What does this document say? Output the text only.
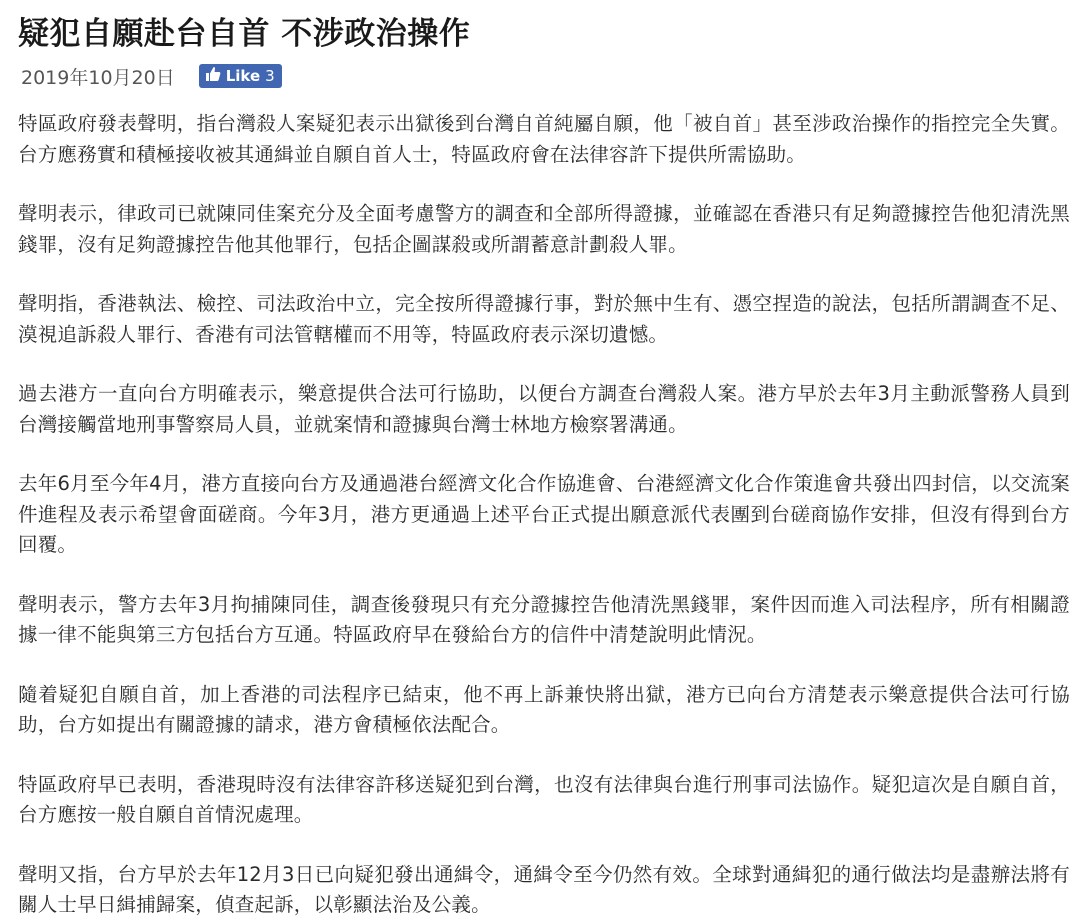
疑犯自願赴台自首 不涉政治操作
2019年10月20日	Like 3

特區政府發表聲明，指台灣殺人案疑犯表示出獄後到台灣自首純屬自願，他「被自首」甚至涉政治操作的指控完全失實。台方應務實和積極接收被其通緝並自願自首人士，特區政府會在法律容許下提供所需協助。

聲明表示，律政司已就陳同佳案充分及全面考慮警方的調查和全部所得證據，並確認在香港只有足夠證據控告他犯清洗黑錢罪，沒有足夠證據控告他其他罪行，包括企圖謀殺或所謂蓄意計劃殺人罪。

聲明指，香港執法、檢控、司法政治中立，完全按所得證據行事，對於無中生有、憑空捏造的說法，包括所謂調查不足、漠視追訴殺人罪行、香港有司法管轄權而不用等，特區政府表示深切遺憾。

過去港方一直向台方明確表示，樂意提供合法可行協助，以便台方調查台灣殺人案。港方早於去年3月主動派警務人員到台灣接觸當地刑事警察局人員，並就案情和證據與台灣士林地方檢察署溝通。

去年6月至今年4月，港方直接向台方及通過港台經濟文化合作協進會、台港經濟文化合作策進會共發出四封信，以交流案件進程及表示希望會面磋商。今年3月，港方更通過上述平台正式提出願意派代表團到台磋商協作安排，但沒有得到台方回覆。

聲明表示，警方去年3月拘捕陳同佳，調查後發現只有充分證據控告他清洗黑錢罪，案件因而進入司法程序，所有相關證據一律不能與第三方包括台方互通。特區政府早在發給台方的信件中清楚說明此情況。

隨着疑犯自願自首，加上香港的司法程序已結束，他不再上訴兼快將出獄，港方已向台方清楚表示樂意提供合法可行協助，台方如提出有關證據的請求，港方會積極依法配合。

特區政府早已表明，香港現時沒有法律容許移送疑犯到台灣，也沒有法律與台進行刑事司法協作。疑犯這次是自願自首，台方應按一般自願自首情況處理。

聲明又指，台方早於去年12月3日已向疑犯發出通緝令，通緝令至今仍然有效。全球對通緝犯的通行做法均是盡辦法將有關人士早日緝捕歸案，偵查起訴，以彰顯法治及公義。
